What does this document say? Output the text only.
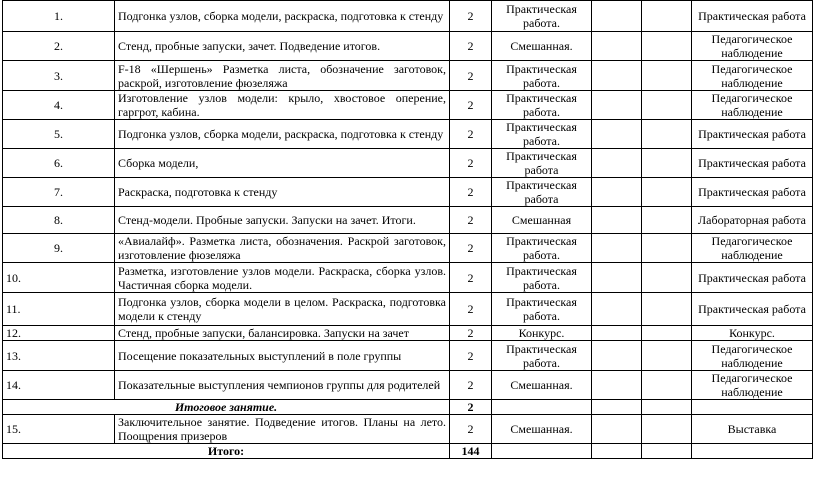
1.	Подгонка узлов, сборка модели, раскраска, подготовка к стенду	2	Практическая работа.			Практическая работа
2.	Стенд, пробные запуски, зачет. Подведение итогов.	2	Смешанная.			Педагогическое наблюдение
3.	F-18 «Шершень» Разметка листа, обозначение заготовок, раскрой, изготовление фюзеляжа	2	Практическая работа.			Педагогическое наблюдение
4.	Изготовление узлов модели: крыло, хвостовое оперение, гаргрот, кабина.	2	Практическая работа.			Педагогическое наблюдение
5.	Подгонка узлов, сборка модели, раскраска, подготовка к стенду	2	Практическая работа.			Практическая работа
6.	Сборка модели,	2	Практическая работа			Практическая работа
7.	Раскраска, подготовка к стенду	2	Практическая работа			Практическая работа
8.	Стенд-модели. Пробные запуски. Запуски на зачет. Итоги.	2	Смешанная			Лабораторная работа
9.	«Авиалайф». Разметка листа, обозначения. Раскрой заготовок, изготовление фюзеляжа	2	Практическая работа.			Педагогическое наблюдение
10.	Разметка, изготовление узлов модели. Раскраска, сборка узлов. Частичная сборка модели.	2	Практическая работа.			Практическая работа
11.	Подгонка узлов, сборка модели в целом. Раскраска, подготовка модели к стенду	2	Практическая работа.			Практическая работа
12.	Стенд, пробные запуски, балансировка. Запуски на зачет	2	Конкурс.			Конкурс.
13.	Посещение показательных выступлений в поле группы	2	Практическая работа.			Педагогическое наблюдение
14.	Показательные выступления чемпионов группы для родителей	2	Смешанная.			Педагогическое наблюдение
Итоговое занятие.		2				
15.	Заключительное занятие. Подведение итогов. Планы на лето. Поощрения призеров	2	Смешанная.			Выставка
Итого:		144				
